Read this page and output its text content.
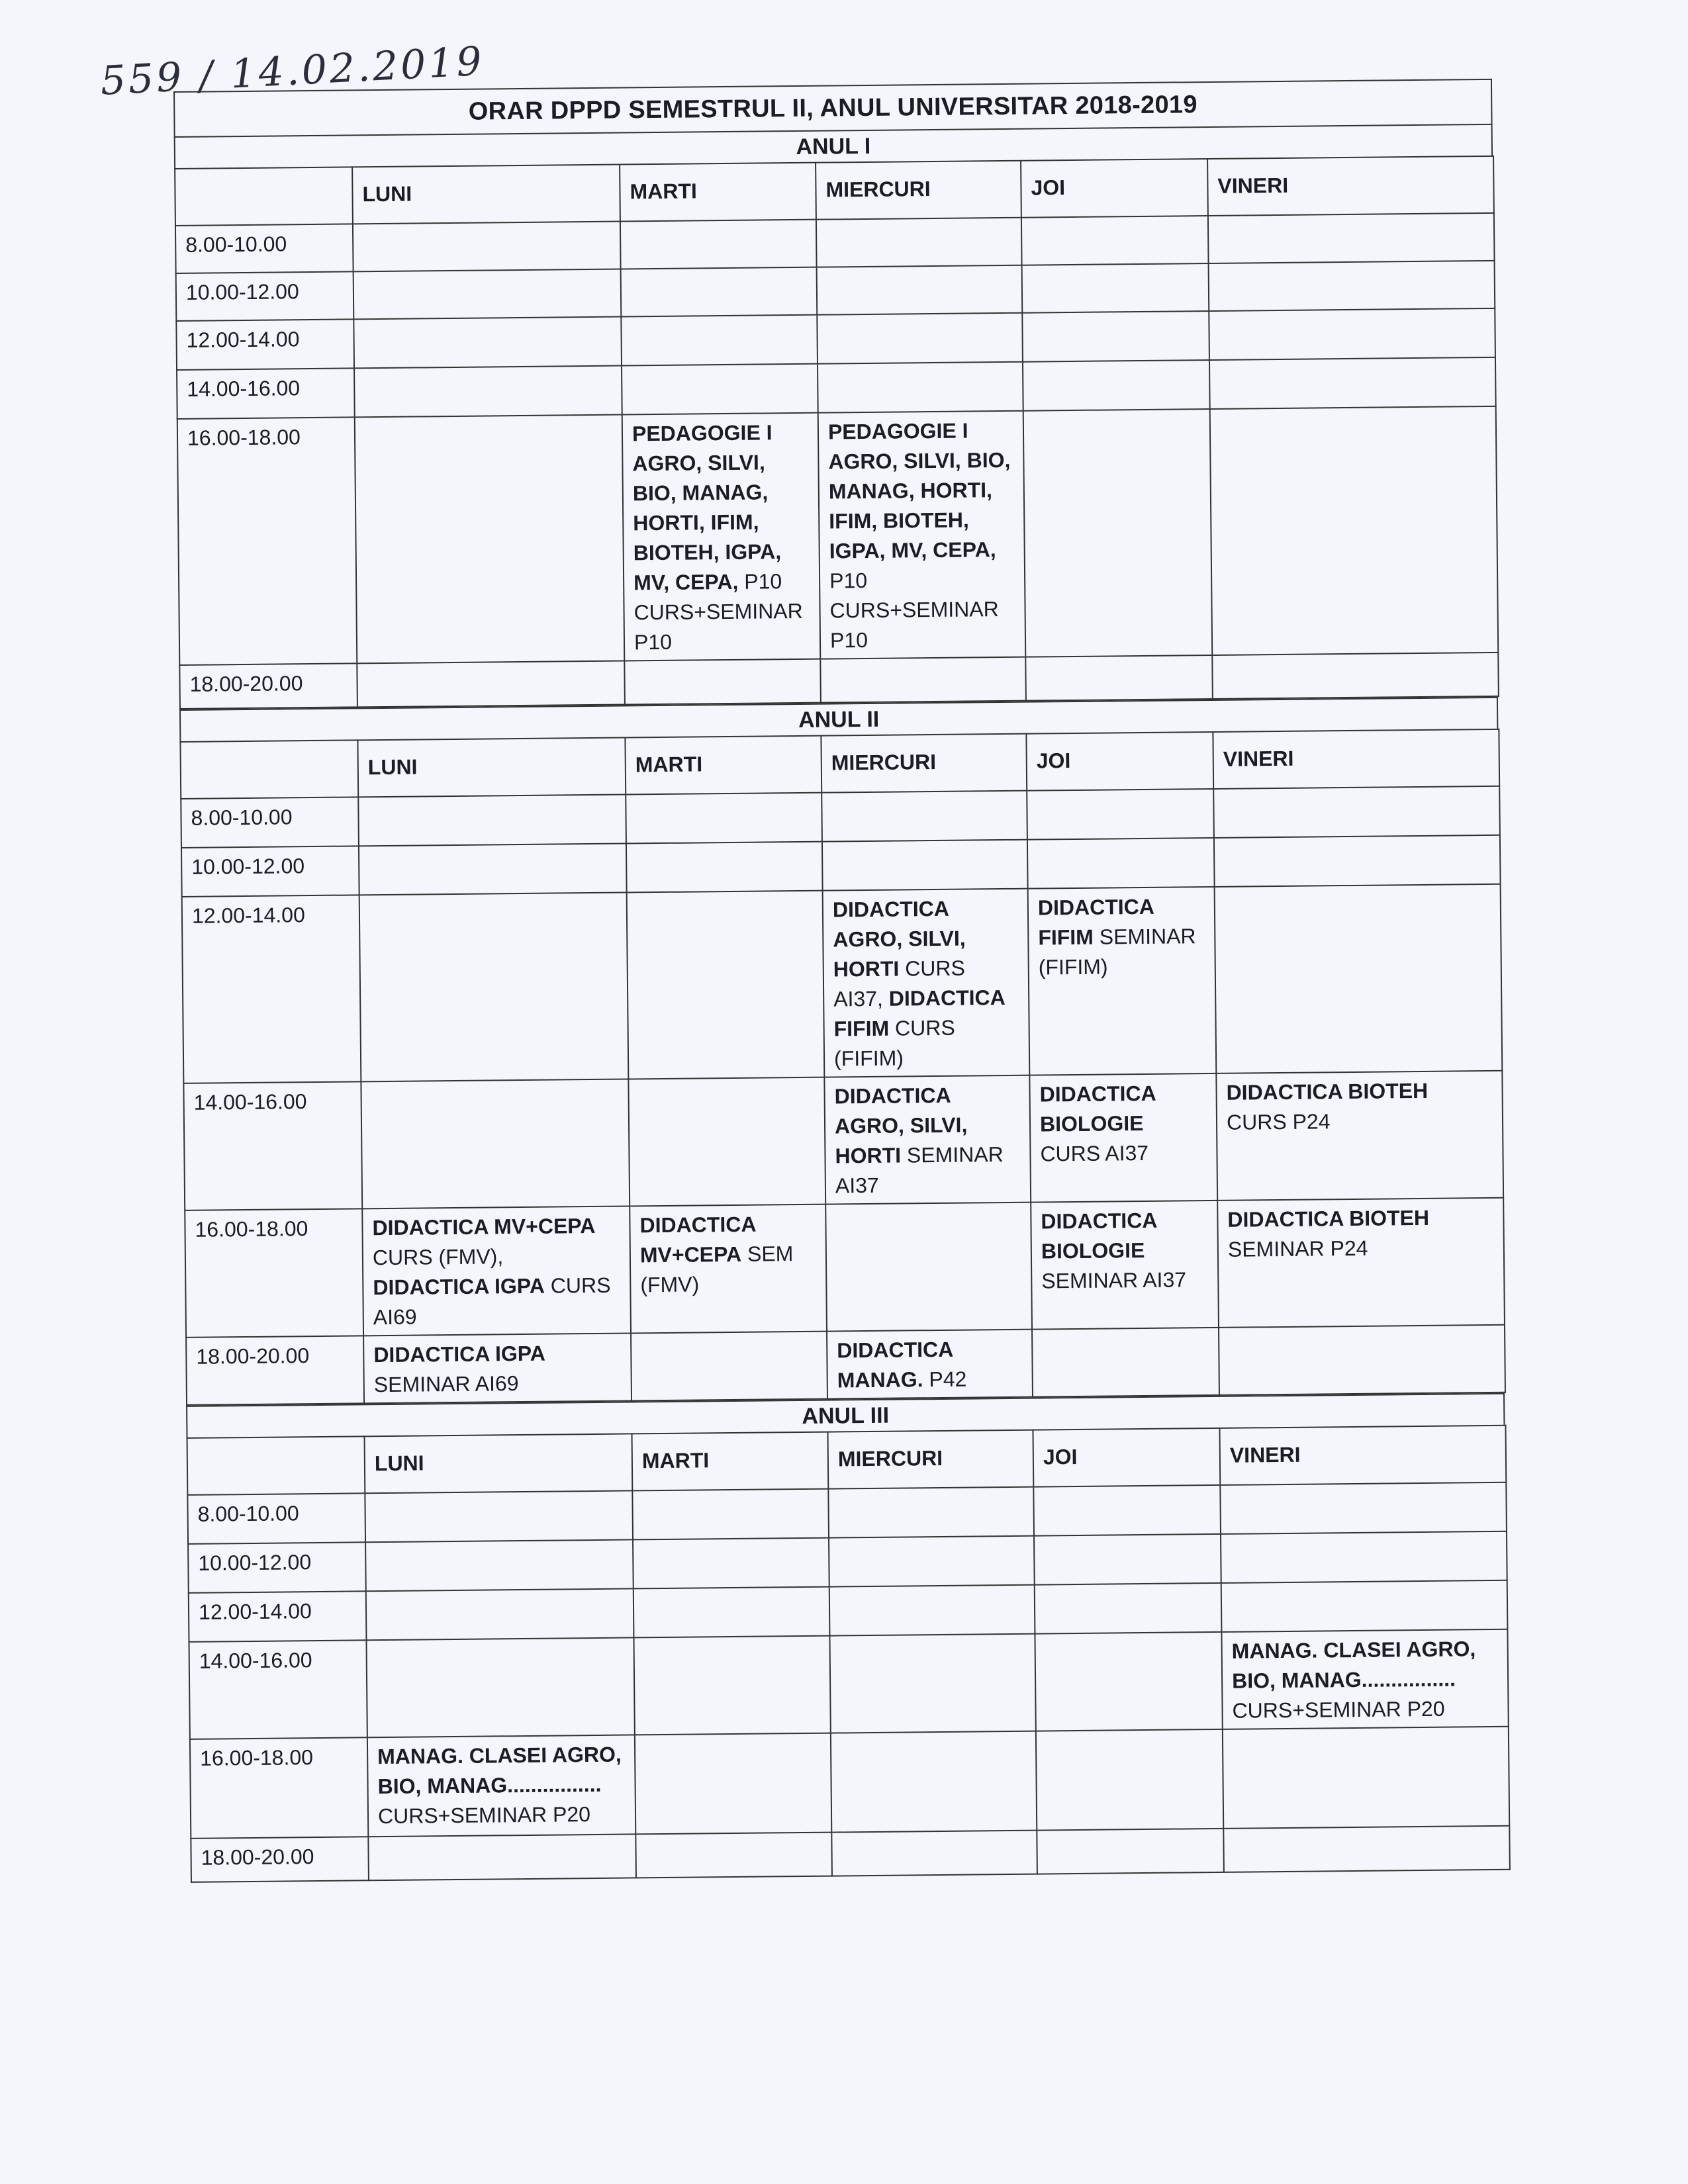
559 / 14.02.2019
ORAR DPPD SEMESTRUL II, ANUL UNIVERSITAR 2018-2019
ANUL I
	LUNI	MARTI	MIERCURI	JOI	VINERI
8.00-10.00					
10.00-12.00					
12.00-14.00					
14.00-16.00					
16.00-18.00		PEDAGOGIE I AGRO, SILVI, BIO, MANAG, HORTI, IFIM, BIOTEH, IGPA, MV, CEPA, P10 CURS+SEMINAR P10	PEDAGOGIE I AGRO, SILVI, BIO, MANAG, HORTI, IFIM, BIOTEH, IGPA, MV, CEPA, P10 CURS+SEMINAR P10		
18.00-20.00					
ANUL II
	LUNI	MARTI	MIERCURI	JOI	VINERI
8.00-10.00					
10.00-12.00					
12.00-14.00			DIDACTICA AGRO, SILVI, HORTI CURS AI37, DIDACTICA FIFIM CURS (FIFIM)	DIDACTICA FIFIM SEMINAR (FIFIM)	
14.00-16.00			DIDACTICA AGRO, SILVI, HORTI SEMINAR AI37	DIDACTICA BIOLOGIE CURS AI37	DIDACTICA BIOTEH CURS P24
16.00-18.00	DIDACTICA MV+CEPA CURS (FMV), DIDACTICA IGPA CURS AI69	DIDACTICA MV+CEPA SEM (FMV)		DIDACTICA BIOLOGIE SEMINAR AI37	DIDACTICA BIOTEH SEMINAR P24
18.00-20.00	DIDACTICA IGPA SEMINAR AI69		DIDACTICA MANAG. P42		
ANUL III
	LUNI	MARTI	MIERCURI	JOI	VINERI
8.00-10.00					
10.00-12.00					
12.00-14.00					
14.00-16.00					MANAG. CLASEI AGRO, BIO, MANAG................ CURS+SEMINAR P20
16.00-18.00	MANAG. CLASEI AGRO, BIO, MANAG................ CURS+SEMINAR P20				
18.00-20.00					
